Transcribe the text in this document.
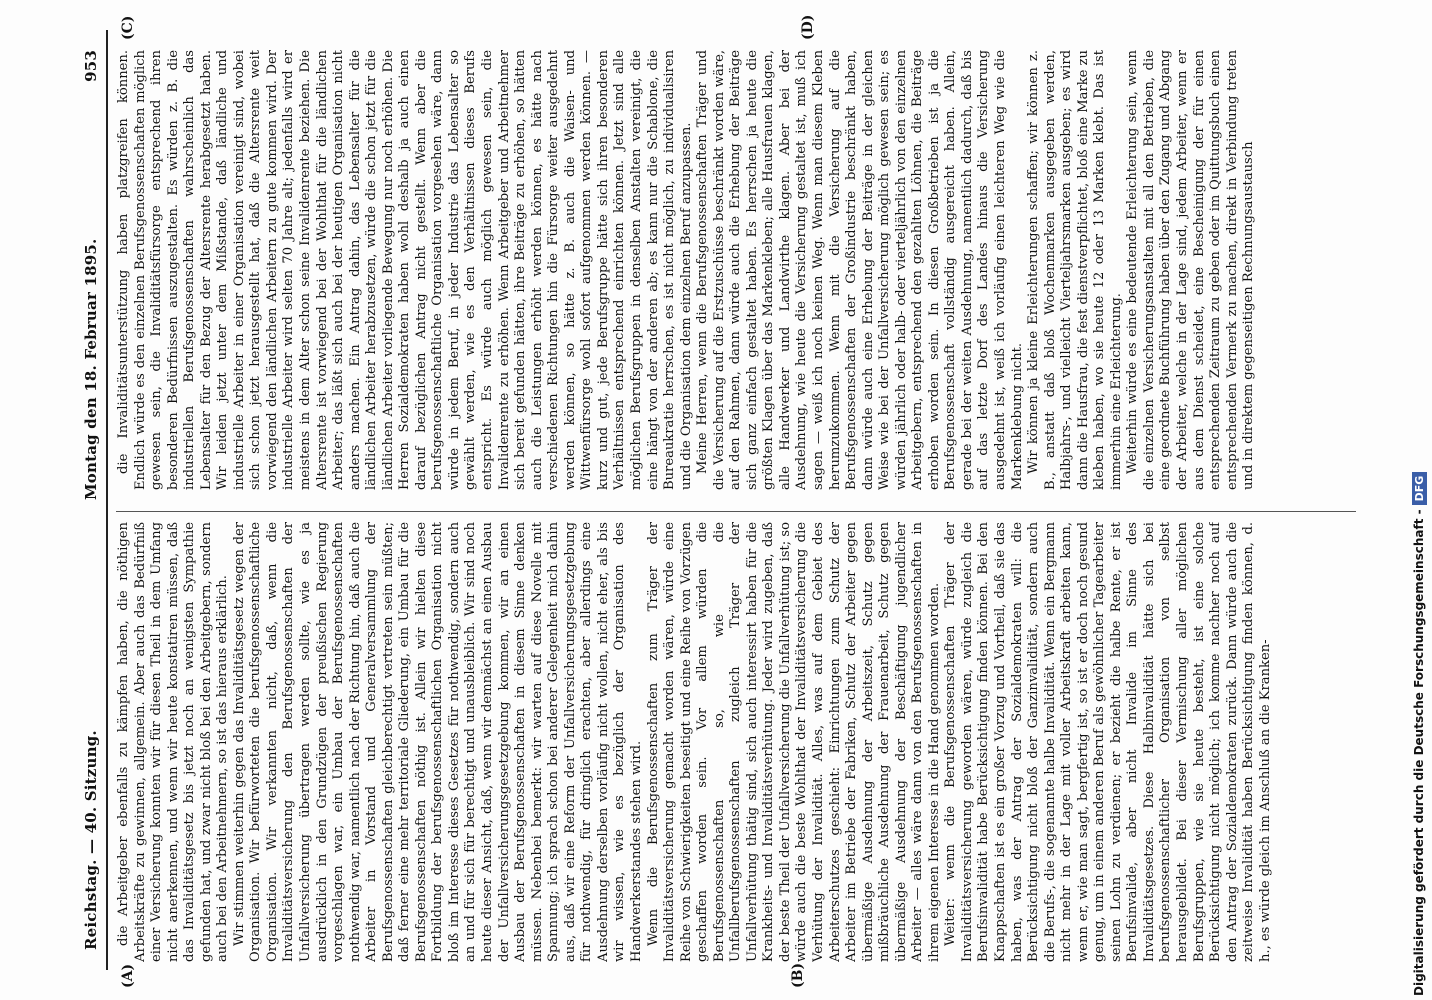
Reichstag. — 40. Sitzung.
Montag den 18. Februar 1895.
953
(A)	(B)
(C)	(D)

die Arbeitgeber ebenfalls zu kämpfen haben, die nöthigen Arbeitskräfte zu gewinnen, allgemein. Aber auch das Bedürfniß einer Versicherung konnten wir für diesen Theil in dem Umfang nicht anerkennen, und wenn wir heute konstatiren müssen, daß das Invaliditätsgesetz bis jetzt noch an wenigsten Sympathie gefunden hat, und zwar nicht bloß bei den Arbeitgebern, sondern auch bei den Arbeitnehmern, so ist das hieraus erklärlich. Wir stimmen weiterhin gegen das Invaliditätsgesetz wegen der Organisation. Wir befürworteten die berufsgenossenschaftliche Organisation. Wir verkannten nicht, daß, wenn die Invaliditätsversicherung den Berufsgenossenschaften der Unfallversicherung übertragen werden sollte, wie es ja ausdrücklich in den Grundzügen der preußischen Regierung vorgeschlagen war, ein Umbau der Berufsgenossenschaften nothwendig war, namentlich nach der Richtung hin, daß auch die Arbeiter in Vorstand und Generalversammlung der Berufsgenossenschaften gleichberechtigt vertreten sein müßten; daß ferner eine mehr territoriale Gliederung, ein Umbau für die Berufsgenossenschaften nöthig ist. Allein wir hielten diese Fortbildung der berufsgenossenschaftlichen Organisation nicht bloß im Interesse dieses Gesetzes für nothwendig, sondern auch an und für sich für berechtigt und unausbleiblich. Wir sind noch heute dieser Ansicht, daß, wenn wir demnächst an einen Ausbau der Unfallversicherungsgesetzgebung kommen, wir an einen Ausbau der Berufsgenossenschaften in diesem Sinne denken müssen. Nebenbei bemerkt: wir warten auf diese Novelle mit Spannung; ich sprach schon bei anderer Gelegenheit mich dahin aus, daß wir eine Reform der Unfallversicherungsgesetzgebung für nothwendig, für dringlich erachten, aber allerdings eine Ausdehnung derselben vorläufig nicht wollen, nicht eher, als bis wir wissen, wie es bezüglich der Organisation des Handwerkerstandes stehen wird. Wenn die Berufsgenossenschaften zum Träger der Invaliditätsversicherung gemacht worden wären, würde eine Reihe von Schwierigkeiten beseitigt und eine Reihe von Vorzügen geschaffen worden sein. Vor allem würden die Berufsgenossenschaften so, wie die Unfallberufsgenossenschaften zugleich Träger der Unfallverhütung thätig sind, sich auch interessirt haben für die Krankheits- und Invaliditätsverhütung. Jeder wird zugeben, daß der beste Theil der Unfallversicherung die Unfallverhütung ist; so würde auch die beste Wohlthat der Invaliditätsversicherung die Verhütung der Invalidität. Alles, was auf dem Gebiet des Arbeiterschutzes geschieht: Einrichtungen zum Schutz der Arbeiter im Betriebe der Fabriken, Schutz der Arbeiter gegen übermäßige Ausdehnung der Arbeitszeit, Schutz gegen mißbräuchliche Ausdehnung der Frauenarbeit, Schutz gegen übermäßige Ausdehnung der Beschäftigung jugendlicher Arbeiter — alles wäre dann von den Berufsgenossenschaften in ihrem eigenen Interesse in die Hand genommen worden. Weiter: wenn die Berufsgenossenschaften Träger der Invaliditätsversicherung geworden wären, würde zugleich die Berufsinvalidität habe Berücksichtigung finden können. Bei den Knappschaften ist es ein großer Vorzug und Vortheil, daß sie das haben, was der Antrag der Sozialdemokraten will: die Berücksichtigung nicht bloß der Ganzinvalidität, sondern auch die Berufs-, die sogenannte halbe Invalidität. Wenn ein Bergmann nicht mehr in der Lage mit voller Arbeitskraft arbeiten kann, wenn er, wie man sagt, bergfertig ist, so ist er doch noch gesund genug, um in einem anderen Beruf als gewöhnlicher Tagearbeiter seinen Lohn zu verdienen; er bezieht die halbe Rente, er ist Berufsinvalide, aber nicht Invalide im Sinne des Invaliditätsgesetzes. Diese Halbinvalidität hätte sich bei berufsgenossenschaftlicher Organisation von selbst herausgebildet. Bei dieser Vermischung aller möglichen Berufsgruppen, wie sie heute besteht, ist eine solche Berücksichtigung nicht möglich; ich komme nachher noch auf den Antrag der Sozialdemokraten zurück. Dann würde auch die zeitweise Invalidität haben Berücksichtigung finden können, d. h., es würde gleich im Anschluß an die Kranken-

die Invaliditätsunterstützung haben platzgreifen können. Endlich würde es den einzelnen Berufsgenossenschaften möglich gewesen sein, die Invaliditätsfürsorge entsprechend ihren besonderen Bedürfnissen auszugestalten. Es würden z. B. die industriellen Berufsgenossenschaften wahrscheinlich das Lebensalter für den Bezug der Altersrente herabgesetzt haben. Wir leiden jetzt unter dem Mißstande, daß ländliche und industrielle Arbeiter in einer Organisation vereinigt sind, wobei sich schon jetzt herausgestellt hat, daß die Altersrente weit vorwiegend den ländlichen Arbeitern zu gute kommen wird. Der industrielle Arbeiter wird selten 70 Jahre alt; jedenfalls wird er meistens in dem Alter schon seine Invalidenrente beziehen. Die Altersrente ist vorwiegend bei der Wohlthat für die ländlichen Arbeiter; das läßt sich auch bei der heutigen Organisation nicht anders machen. Ein Antrag dahin, das Lebensalter für die ländlichen Arbeiter herabzusetzen, würde die schon jetzt für die ländlichen Arbeiter vorliegende Bewegung nur noch erhöhen. Die Herren Sozialdemokraten haben wohl deshalb ja auch einen darauf bezüglichen Antrag nicht gestellt. Wenn aber die berufsgenossenschaftliche Organisation vorgesehen wäre, dann würde in jedem Beruf, in jeder Industrie das Lebensalter so gewählt werden, wie es den Verhältnissen dieses Berufs entspricht. Es würde auch möglich gewesen sein, die Invalidenrente zu erhöhen. Wenn Arbeitgeber und Arbeitnehmer sich bereit gefunden hätten, ihre Beiträge zu erhöhen, so hätten auch die Leistungen erhöht werden können, es hätte nach verschiedenen Richtungen hin die Fürsorge weiter ausgedehnt werden können, so hätte z. B. auch die Waisen- und Wittwenfürsorge wohl sofort aufgenommen werden können. — kurz und gut, jede Berufsgruppe hätte sich ihren besonderen Verhältnissen entsprechend einrichten können. Jetzt sind alle möglichen Berufsgruppen in denselben Anstalten vereinigt, die eine hängt von der anderen ab; es kann nur die Schablone, die Bureaukratie herrschen, es ist nicht möglich, zu individualisiren und die Organisation dem einzelnen Beruf anzupassen. Meine Herren, wenn die Berufsgenossenschaften Träger und die Versicherung auf die Erstzuschüsse beschränkt worden wäre, auf den Rahmen, dann würde auch die Erhebung der Beiträge sich ganz einfach gestaltet haben. Es herrschen ja heute die größten Klagen über das Markenkleben; alle Hausfrauen klagen, alle Handwerker und Landwirthe klagen. Aber bei der Ausdehnung, wie heute die Versicherung gestaltet ist, muß ich sagen — weiß ich noch keinen Weg. Wenn man diesem Kleben herumzukommen. Wenn mit die Versicherung auf die Berufsgenossenschaften der Großindustrie beschränkt haben, dann würde auch eine Erhebung der Beiträge in der gleichen Weise wie bei der Unfallversicherung möglich gewesen sein; es würden jährlich oder halb- oder vierteljährlich von den einzelnen Arbeitgebern, entsprechend den gezahlten Löhnen, die Beiträge erhoben worden sein. In diesen Großbetrieben ist ja die Berufsgenossenschaft vollständig ausgereicht haben. Allein, gerade bei der weiten Ausdehnung, namentlich dadurch, daß bis auf das letzte Dorf des Landes hinaus die Versicherung ausgedehnt ist, weiß ich vorläufig einen leichteren Weg wie die Markenklebung nicht. Wir können ja kleine Erleichterungen schaffen; wir können z. B., anstatt daß bloß Wochenmarken ausgegeben werden, Halbjahrs-, und vielleicht Vierteljahrsmarken ausgeben; es wird dann die Hausfrau, die fest dienstverpflichtet, bloß eine Marke zu kleben haben, wo sie heute 12 oder 13 Marken klebt. Das ist immerhin eine Erleichterung. Weiterhin würde es eine bedeutende Erleichterung sein, wenn die einzelnen Versicherungsanstalten mit all den Betrieben, die eine geordnete Buchführung haben über den Zugang und Abgang der Arbeiter, welche in der Lage sind, jedem Arbeiter, wenn er aus dem Dienst scheidet, eine Bescheinigung der für einen entsprechenden Zeitraum zu geben oder im Quittungsbuch einen entsprechenden Vermerk zu machen, direkt in Verbindung treten und in direktem gegenseitigen Rechnungsaustausch

Digitalisierung gefördert durch die Deutsche Forschungsgemeinschaft -
DFG
